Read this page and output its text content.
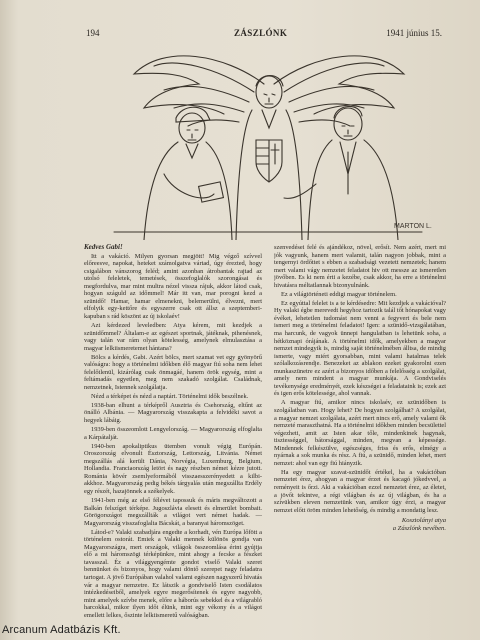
194	ZÁSZLÓNK	1941 június 15.
MARTON L.
Kedves Gabi!

Itt a vakáció. Milyen gyorsan megjött! Mig végző szívvel előreesve, napokat, heteket számolgatva vártad, úgy érezted, hogy csigalábon vánszorog feléd; amint azonban átrobantak rajtad az utolsó feleletek, temetések, összefoglalók szorongásai és megfordulva, mar mint multra nézel vissza rájuk, akkor látod csak, hogyan száguld az időmmel! Már itt van, mar porogni kezd a szünidő! Hamar, hamar elmenekni, belemerülni, élvezni, mert elfolyik egy-kettőre és egyszerre csak ott állsz a szeptemberi-kapuban s rád köszönt az új iskolaév!

Azt kérdezed leveledben: Atya kérem, mit kezdjek a szünidőmmel? Általam-e az egészet sportnak, játéknak, pihenésnek, vagy talán var rám olyan kötelesség, amelynek elmulasztása a magyar lelkiismeretemet hántana?

Bölcs a kérdés, Gabi. Azért bölcs, mert szamat vet egy gyönyörű valóságra: hogy a történelmi időkben élő magyar fiú soha nem lehet felelőtlenül, kizárólag csak önmagáé, hanem örök egység, mint a feltámadás egyetlen, meg nem szakadó szolgálat. Családnak, nemzetnek, Istennek szolgálatja.

Nézd a térképet és nézd a naptárt. Történelmi idők beszélnek.

1938-ban elhunt a térképről Ausztria és Csehország, eltűnt az önálló Albánia. — Magyarország visszakapta a felvidéki savot a hegyek lábáig.

1939-ben összeomlott Lengyelország. — Magyarország elfoglalta a Kárpátalját.

1940-ben apokaliptikus ütemben vonult végig Európán. Oroszország elvonult Észtország, Lettország, Litvánia. Német megszállás alá került Dánia, Norvégia, Luxemburg, Belgium, Hollandia. Franciaország letört és nagy részben német kézre jutott. Románia kövér zsemlyeformából visszaesszerényedett a kilbi-akkhoz. Magyarország pedig békés tárgyalás után megszállta Erdély egy részét, hazajönnek a székelyek.

1941-ben még az első félévet tapossuk és máris megváltozott a Balkán felszíget térképe. Jugoszlávia elesett és elmerület bombait. Görögországot megszállták a világot vert német hadak. — Magyarország visszafoglalta Bácskát, a baranyai háromszöget.

Látod-e? Valaki szabadjára engedte a korhadt, vén Európa lőfött a történelem ostorát. Emiek a Valaki mennek különös gondja van Magyarországra, mert országok, világok összeomlása érint gyújtja elő a mi háromszögi térképünkre, mint ahogy a fecske a fészket tavasszal. Éz a világgyengémte gondot viselő Valaki szeret bennünket és bizonyos, hogy valami döntő szerepet nagy feladatra tartogat. A jövő Európában valahol valami egészen nagyszerű hivatás vár a magyar nemzetre. Ez látszik a gondviselő Isten csodálatos intézkedéseiből, amelyek egyre megerősítenek és egyre nagyobb, mint amelyek szívbe menek, előre a háborús sebekkel és a világrabló harcokkal, mikor ilyen időt élünk, mint egy vékony és a világot emellett lelkes, őszinte lelkiismeretű valóságban.

szenvedései felé és ajándékoz, növel, erősít. Nem azért, mert mi jók vagyunk, hanem mert valamit, talán nagyon jobbak, mint a tengernyi ördőttet s ebben a szabadsági vezetett nemzetek; hanem mert valami vágy nemzetet feladatot hiv ott messze az ismeretlen jövőben. Es ki nem érti a kezébe, csak akkor, ha erre a történelmi hivatásra méltatlannak bizonyulnánk.

Ez a világtörténeti eddigi magyar történelem.

Ez egyúttal felelet is a te kérdésedre: Mit kezdjek a vakációval? Hy valaki égbe merevedt hegyhoz tartozik talál tőt hónapokat vagy évéket, lehetetlen tudomást nem venni a fegyvert és bele nem ismeri meg a történelmi feladatot! Igen: a szünidő-vizsgálatában, ma harcunk, de vagyok ünnepi hangulatban is lehetünk soha, a hétköznapi órájának. A történelmi idők, amelyekben a magyar nemzet mindegyik is, mindig saját történelmében álltsa, de mindig ismerte, vagy miért gyorsabban, mint valami hatalmas telek szólalkozásrendje. Benezeket az ablakon ezeket gyakorolni ezen munkaszünetre ez azért a bizonyos időben a felelősség a szolgálat, amely nem mindent a magyar munkája. A Gondviselés tevékenysége eredményét, ezek készségei a feladataink is; ezek azt és igen erős kötelessége, ahol vannak.

A magyar fiú, amikor nincs iskolaév, ez szünidőben is szolgálatban van. Hogy lehet? De hogyan szolgálhat? A szolgálat, a magyar nemzet szolgálata, azért mert nincs erő, amely valami ők nemzeté maraszthatná. Ha a történelmi időkben minden becsülettel végezheti, amit az Isten akar tőle, mindenkinek hagynak, tisztességgel, bátorsággal, minden, megvan a képessége. Mindennek felkészülve, egészséges, friss és erős, elmégy a nyárnak a sok munka és rész. A fiú, a szünidő, minden lehet, mert nemzet: ahol van egy fiú hiányzik.

Ha egy magyar szavat-szünidőt értékel, ha a vakációban nemzetet érez, ahogyan a magyar érzet és kacagó jókedvvel, a reményeit is őrzi. Aki a vakációban ezzel nemzetet érez, az életet, a jövőt tekintve, a régi világban és az új világban, és ha a szívükben eleven nemzetünk van, amikor úgy érzi, a magyar nemzet előtt öröm minden lehetőség, és mindig a mondatig lesz.

Kosztolányi atya
a Zászlónk nevében.
Arcanum Adatbázis Kft.
